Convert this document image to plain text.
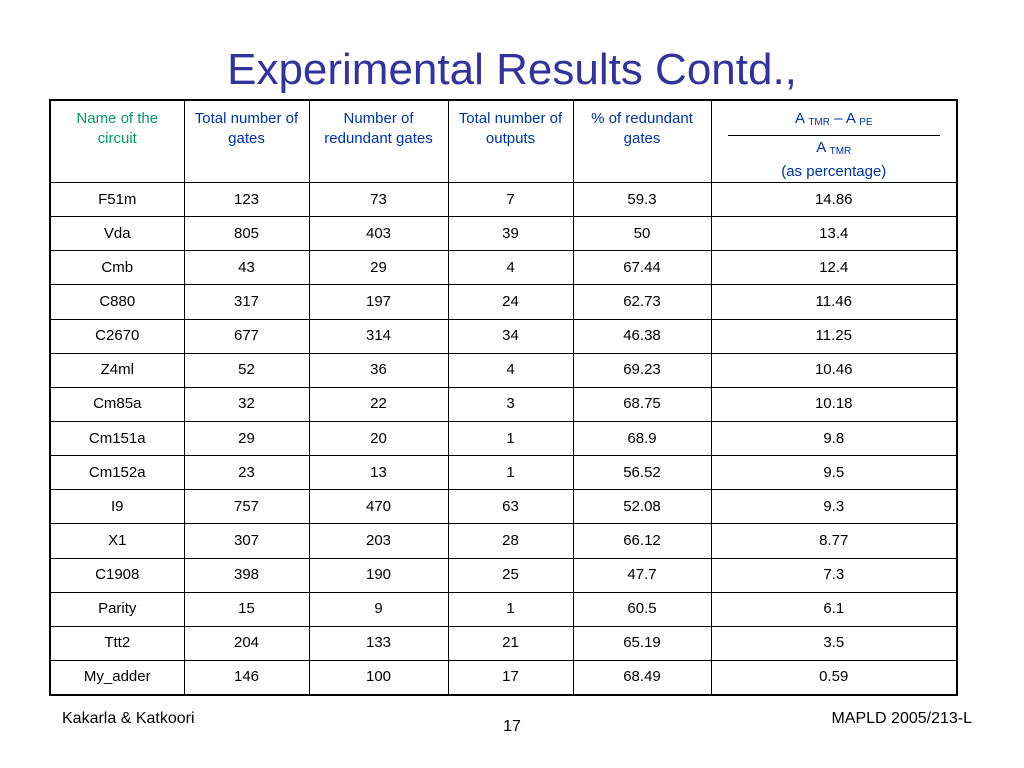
Experimental Results Contd.,
Name of the circuit	Total number of gates	Number of redundant gates	Total number of outputs	% of redundant gates	A $_{TMR}$ – A $_{PE}$
A $_{TMR}$
(as percentage)

F51m	123	73	7	59.3	14.86
Vda	805	403	39	50	13.4
Cmb	43	29	4	67.44	12.4
C880	317	197	24	62.73	11.46
C2670	677	314	34	46.38	11.25
Z4ml	52	36	4	69.23	10.46
Cm85a	32	22	3	68.75	10.18
Cm151a	29	20	1	68.9	9.8
Cm152a	23	13	1	56.52	9.5
I9	757	470	63	52.08	9.3
X1	307	203	28	66.12	8.77
C1908	398	190	25	47.7	7.3
Parity	15	9	1	60.5	6.1
Ttt2	204	133	21	65.19	3.5
My_adder	146	100	17	68.49	0.59
Kakarla & Katkoori	17	MAPLD 2005/213-L
